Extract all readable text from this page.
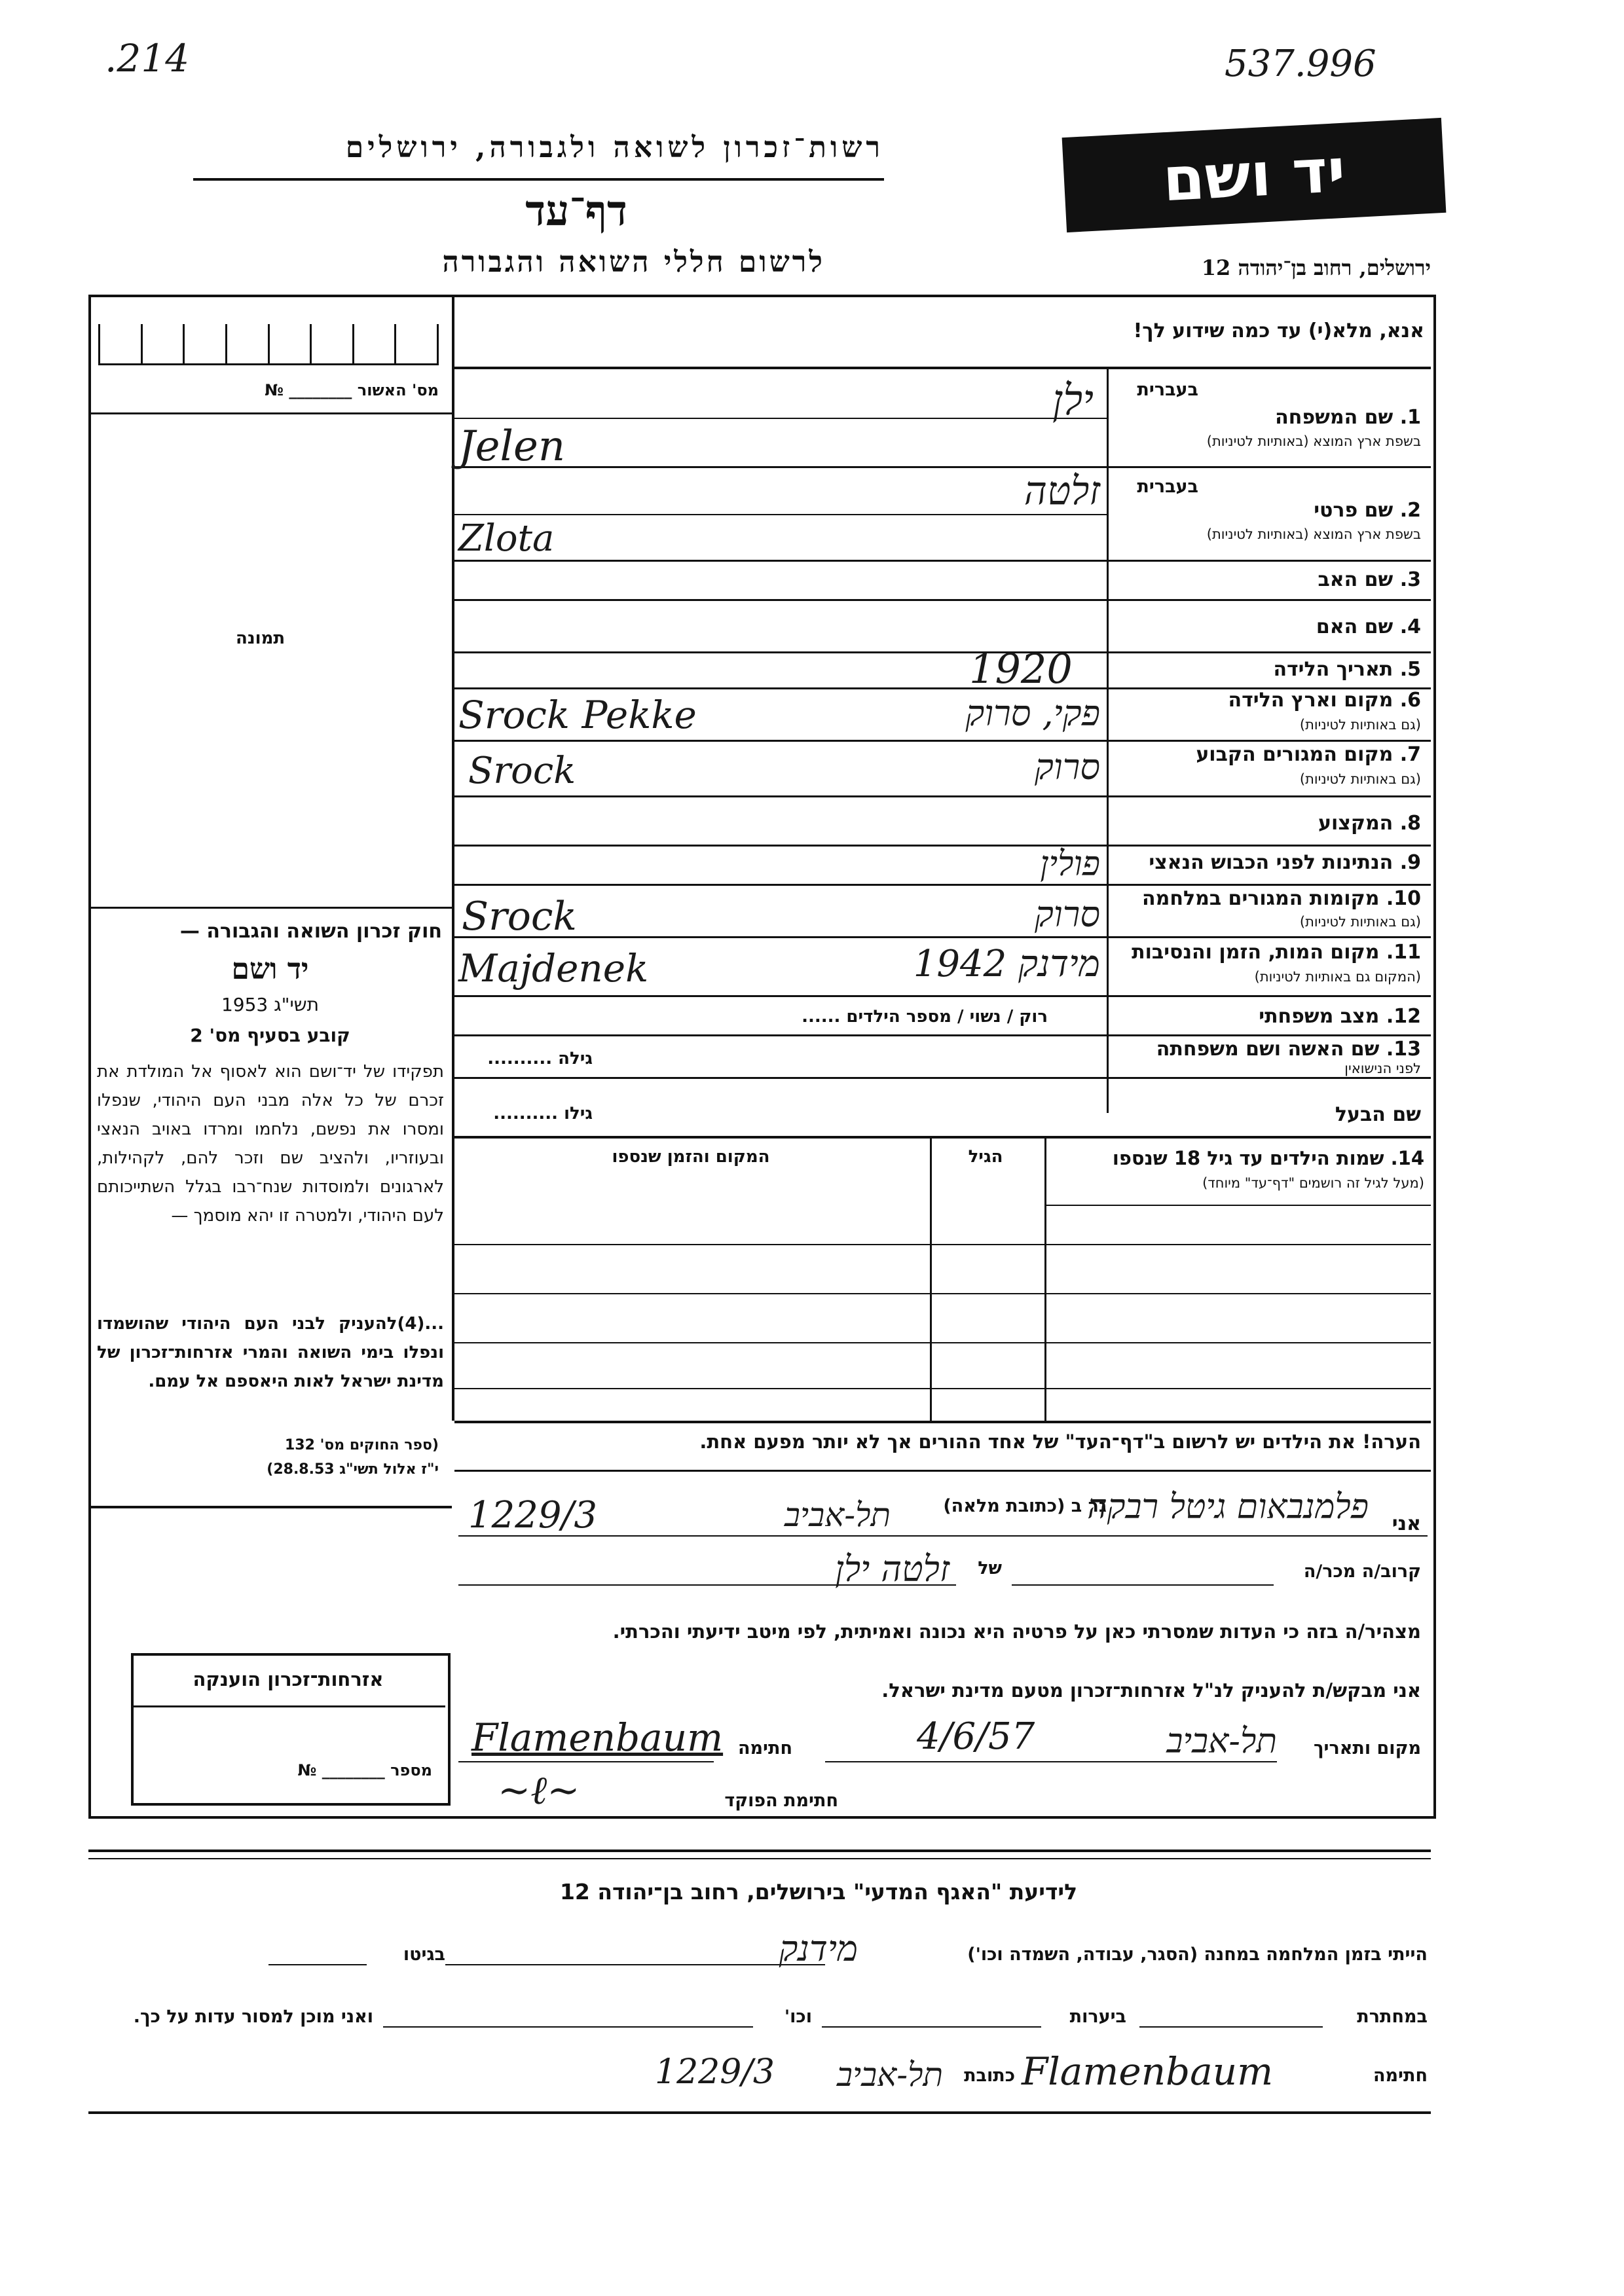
.214	537.996
רשות־זכרון לשואה ולגבורה, ירושלים
דף־עד
לרשום חללי השואה והגבורה
יד ושם
ירושלים, רחוב בן־יהודה 12
מס' האשור ________ №
תמונה
חוק זכרון השואה והגבורה —
יד ושם
תשי"ג 1953
קובע בסעיף מס' 2
תפקידו של יד־ושם הוא לאסוף אל המולדת את זכרם של כל אלה מבני העם היהודי, שנפלו ומסרו את נפשם, נלחמו ומרדו באויב הנאצי ובעוזריו, ולהציב שם וזכר להם, לקהילות, לארגונים ולמוסדות שנח־רבו בגלל השתייכותם לעם היהודי, ולמטרה זו יהא מוסמך —
...(4)להעניק לבני העם היהודי שהושמדו ונפלו בימי השואה והמרי אזרחות־זכרון של מדינת ישראל לאות היאספם אל עמם.
(ספר החוקים מס' 132
י"ז אלול תשי"ג 28.8.53)
אנא, מלא(י) עד כמה שידוע לך!
בעברית
1. שם המשפחה
בשפת ארץ המוצא (באותיות לטיניות)
בעברית
2. שם פרטי
בשפת ארץ המוצא (באותיות לטיניות)
3. שם האב
4. שם האם
5. תאריך הלידה
6. מקום וארץ הלידה
(גם באותיות לטיניות)
7. מקום המגורים הקבוע
(גם באותיות לטיניות)
8. המקצוע
9. הנתינות לפני הכבוש הנאצי
10. מקומות המגורים במלחמה
(גם באותיות לטיניות)
11. מקום המות, הזמן והנסיבות
(המקום גם באותיות לטיניות)
12. מצב משפחתי
13. שם האשה ושם משפחתה
לפני הנישואין
שם הבעל
רוק / נשוי / מספר הילדים ......
גילה ..........
גילו ..........
14. שמות הילדים עד גיל 18 שנספו
(מעל לגיל זה רושמים "דף־עד" מיוחד)
הגיל
המקום והזמן שנספו
הערה! את הילדים יש לרשום ב"דף־העד" של אחד ההורים אך לא יותר מפעם אחת.
אני
גר ב (כתובת מלאה)
קרוב/ה מכר/ה
של
מצהיר/ה בזה כי העדות שמסרתי כאן על פרטיה היא נכונה ואמיתית, לפי מיטב ידיעתי והכרתי.
אני מבקש/ת להעניק לנ"ל אזרחות־זכרון מטעם מדינת ישראל.
מקום ותאריך
חתימה
חתימת הפוקד
אזרחות־זכרון הוענקה
מספר ________ №
לידיעת "האגף המדעי" בירושלים, רחוב בן־יהודה 12
הייתי בזמן המלחמה במחנה (הסגר, עבודה, השמדה וכו')
בגיטו
במחתרת
ביערות
וכו'
ואני מוכן למסור עדות על כך.
חתימה
כתובת
ילן
Jelen
זלטה
Zlota
1920
פקי, סרוק
Srock Pekke
סרוק
Srock
פולין
סרוק
Srock
מידנק 1942
Majdenek
פלמנבאום גיטל רבקה
תל-אביב
1229/3
זלטה ילן
תל-אביב
4/6/57
Flamenbaum
∼ℓ∼
מידנק
1229/3	תל-אביב Flamenbaum
